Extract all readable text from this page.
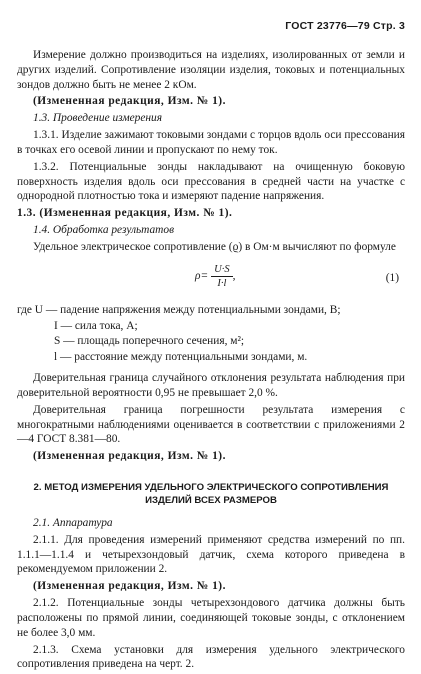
ГОСТ 23776—79 Стр. 3

Измерение должно производиться на изделиях, изолированных от земли и других изделий. Сопротивление изоляции изделия, токовых и потенциальных зондов должно быть не менее 2 кОм.

(Измененная редакция, Изм. № 1).

1.3. Проведение измерения

1.3.1. Изделие зажимают токовыми зондами с торцов вдоль оси прессования в точках его осевой линии и пропускают по нему ток.

1.3.2. Потенциальные зонды накладывают на очищенную боковую поверхность изделия вдоль оси прессования в средней части на участке с однородной плотностью тока и измеряют падение напряжения.

1.3. (Измененная редакция, Изм. № 1).

1.4. Обработка результатов

Удельное электрическое сопротивление (ϱ) в Ом·м вычисляют по формуле

$\rho= \frac{U\cdot S}{I\cdot l}$ ,	(1)

где U — падение напряжения между потенциальными зондами, В;

I — сила тока, А;

S — площадь поперечного сечения, м²;

l — расстояние между потенциальными зондами, м.

Доверительная граница случайного отклонения результата наблюдения при доверительной вероятности 0,95 не превышает 2,0 %.

Доверительная граница погрешности результата измерения с многократными наблюдениями оценивается в соответствии с приложениями 2—4 ГОСТ 8.381—80.

(Измененная редакция, Изм. № 1).

2. МЕТОД ИЗМЕРЕНИЯ УДЕЛЬНОГО ЭЛЕКТРИЧЕСКОГО СОПРОТИВЛЕНИЯ ИЗДЕЛИЙ ВСЕХ РАЗМЕРОВ

2.1. Аппаратура

2.1.1. Для проведения измерений применяют средства измерений по пп. 1.1.1—1.1.4 и четырехзондовый датчик, схема которого приведена в рекомендуемом приложении 2.

(Измененная редакция, Изм. № 1).

2.1.2. Потенциальные зонды четырехзондового датчика должны быть расположены по прямой линии, соединяющей токовые зонды, с отклонением не более 3,0 мм.

2.1.3. Схема установки для измерения удельного электрического сопротивления приведена на черт. 2.
